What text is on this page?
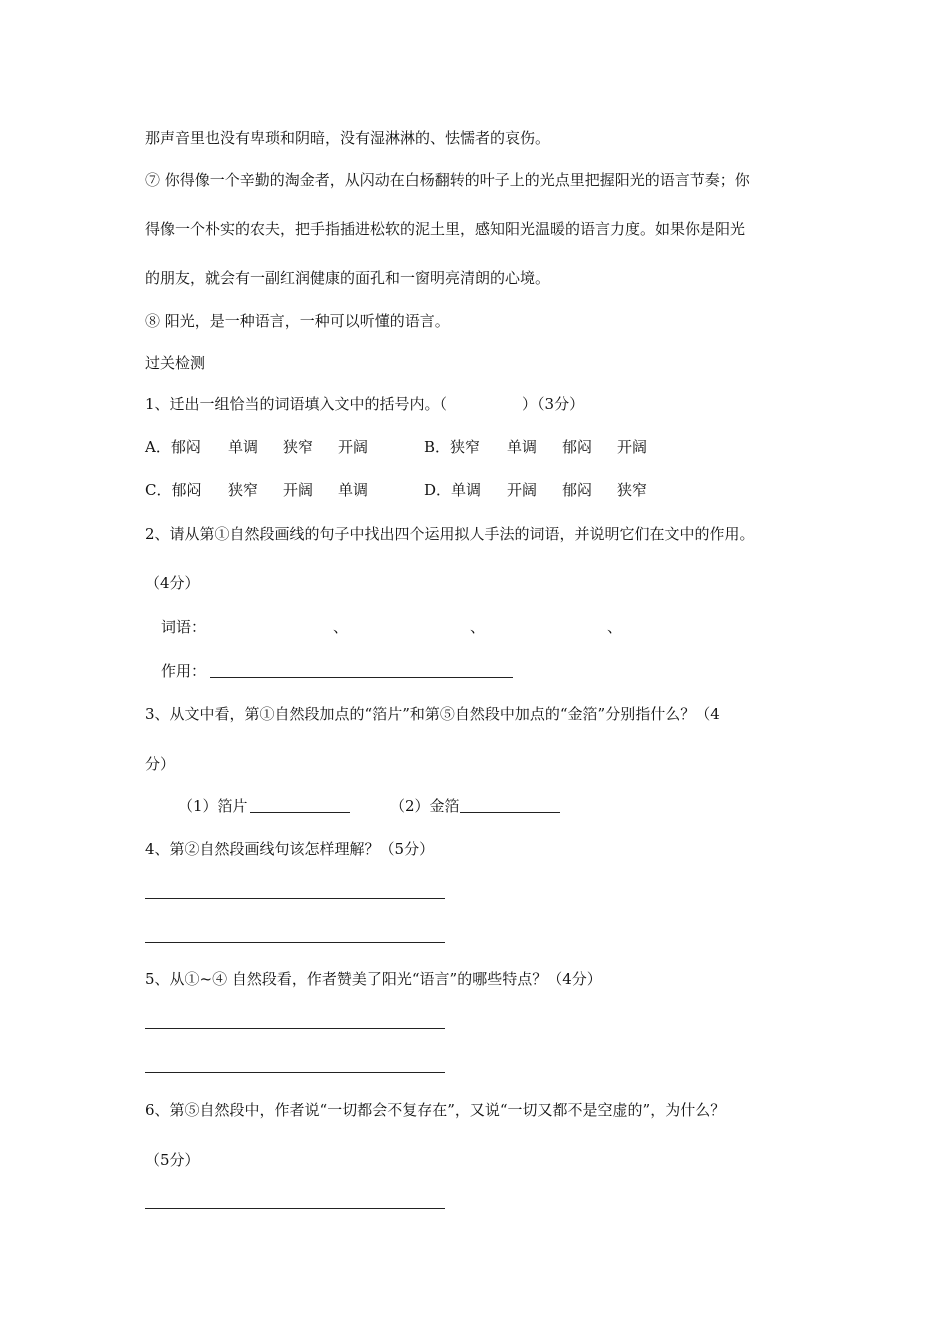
那声音里也没有卑琐和阴暗，没有湿淋淋的、怯懦者的哀伤。
⑦ 你得像一个辛勤的淘金者，从闪动在白杨翻转的叶子上的光点里把握阳光的语言节奏；你
得像一个朴实的农夫，把手指插进松软的泥土里，感知阳光温暖的语言力度。如果你是阳光
的朋友，就会有一副红润健康的面孔和一窗明亮清朗的心境。
⑧ 阳光，是一种语言，一种可以听懂的语言。
过关检测
1、迁出一组恰当的词语填入文中的括号内。（　　　　　）（3分）
A．郁闷 单调 狭窄 开阔	B．狭窄 单调 郁闷 开阔
C．郁闷 狭窄 开阔 单调	D．单调 开阔 郁闷 狭窄
2、请从第①自然段画线的句子中找出四个运用拟人手法的词语，并说明它们在文中的作用。
（4分）
词语：	、	、	、
作用：
3、从文中看，第①自然段加点的“箔片”和第⑤自然段中加点的“金箔”分别指什么？（4
分）
（1）箔片	（2）金箔
4、第②自然段画线句该怎样理解？（5分）
5、从①~④ 自然段看，作者赞美了阳光“语言”的哪些特点？（4分）
6、第⑤自然段中，作者说“一切都会不复存在”，又说“一切又都不是空虚的”，为什么？
（5分）
